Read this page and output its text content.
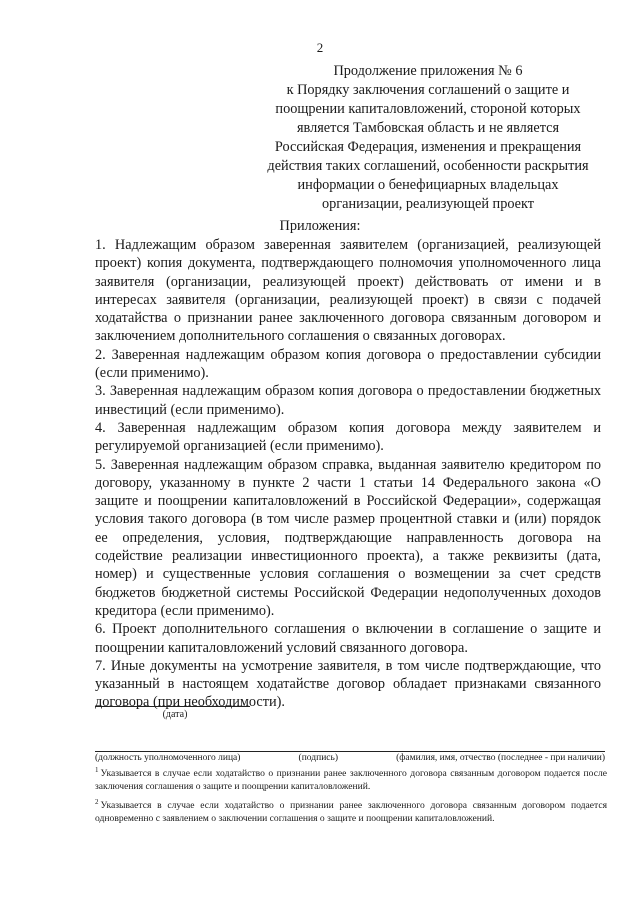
2
Продолжение приложения № 6
к Порядку заключения соглашений о защите и
поощрении капиталовложений, стороной которых
является Тамбовская область и не является
Российская Федерация, изменения и прекращения
действия таких соглашений, особенности раскрытия
информации о бенефициарных владельцах
организации, реализующей проект
Приложения:

1. Надлежащим образом заверенная заявителем (организацией, реализующей проект) копия документа, подтверждающего полномочия уполномоченного лица заявителя (организации, реализующей проект) действовать от имени и в интересах заявителя (организации, реализующей проект) в связи с подачей ходатайства о признании ранее заключенного договора связанным договором и заключением дополнительного соглашения о связанных договорах.

2. Заверенная надлежащим образом копия договора о предоставлении субсидии (если применимо).

3. Заверенная надлежащим образом копия договора о предоставлении бюджетных инвестиций (если применимо).

4. Заверенная надлежащим образом копия договора между заявителем и регулируемой организацией (если применимо).

5. Заверенная надлежащим образом справка, выданная заявителю кредитором по договору, указанному в пункте 2 части 1 статьи 14 Федерального закона «О защите и поощрении капиталовложений в Российской Федерации», содержащая условия такого договора (в том числе размер процентной ставки и (или) порядок ее определения, условия, подтверждающие направленность договора на содействие реализации инвестиционного проекта), а также реквизиты (дата, номер) и существенные условия соглашения о возмещении за счет средств бюджетов бюджетной системы Российской Федерации недополученных доходов кредитора (если применимо).

6. Проект дополнительного соглашения о включении в соглашение о защите и поощрении капиталовложений условий связанного договора.

7. Иные документы на усмотрение заявителя, в том числе подтверждающие, что указанный в настоящем ходатайстве договор обладает признаками связанного договора (при необходимости).

(дата)
(должность уполномоченного лица)	(подпись)	(фамилия, имя, отчество (последнее - при наличии)

$^1$ Указывается в случае если ходатайство о признании ранее заключенного договора связанным договором подается после заключения соглашения о защите и поощрении капиталовложений.

$^2$ Указывается в случае если ходатайство о признании ранее заключенного договора связанным договором подается одновременно с заявлением о заключении соглашения о защите и поощрении капиталовложений.
